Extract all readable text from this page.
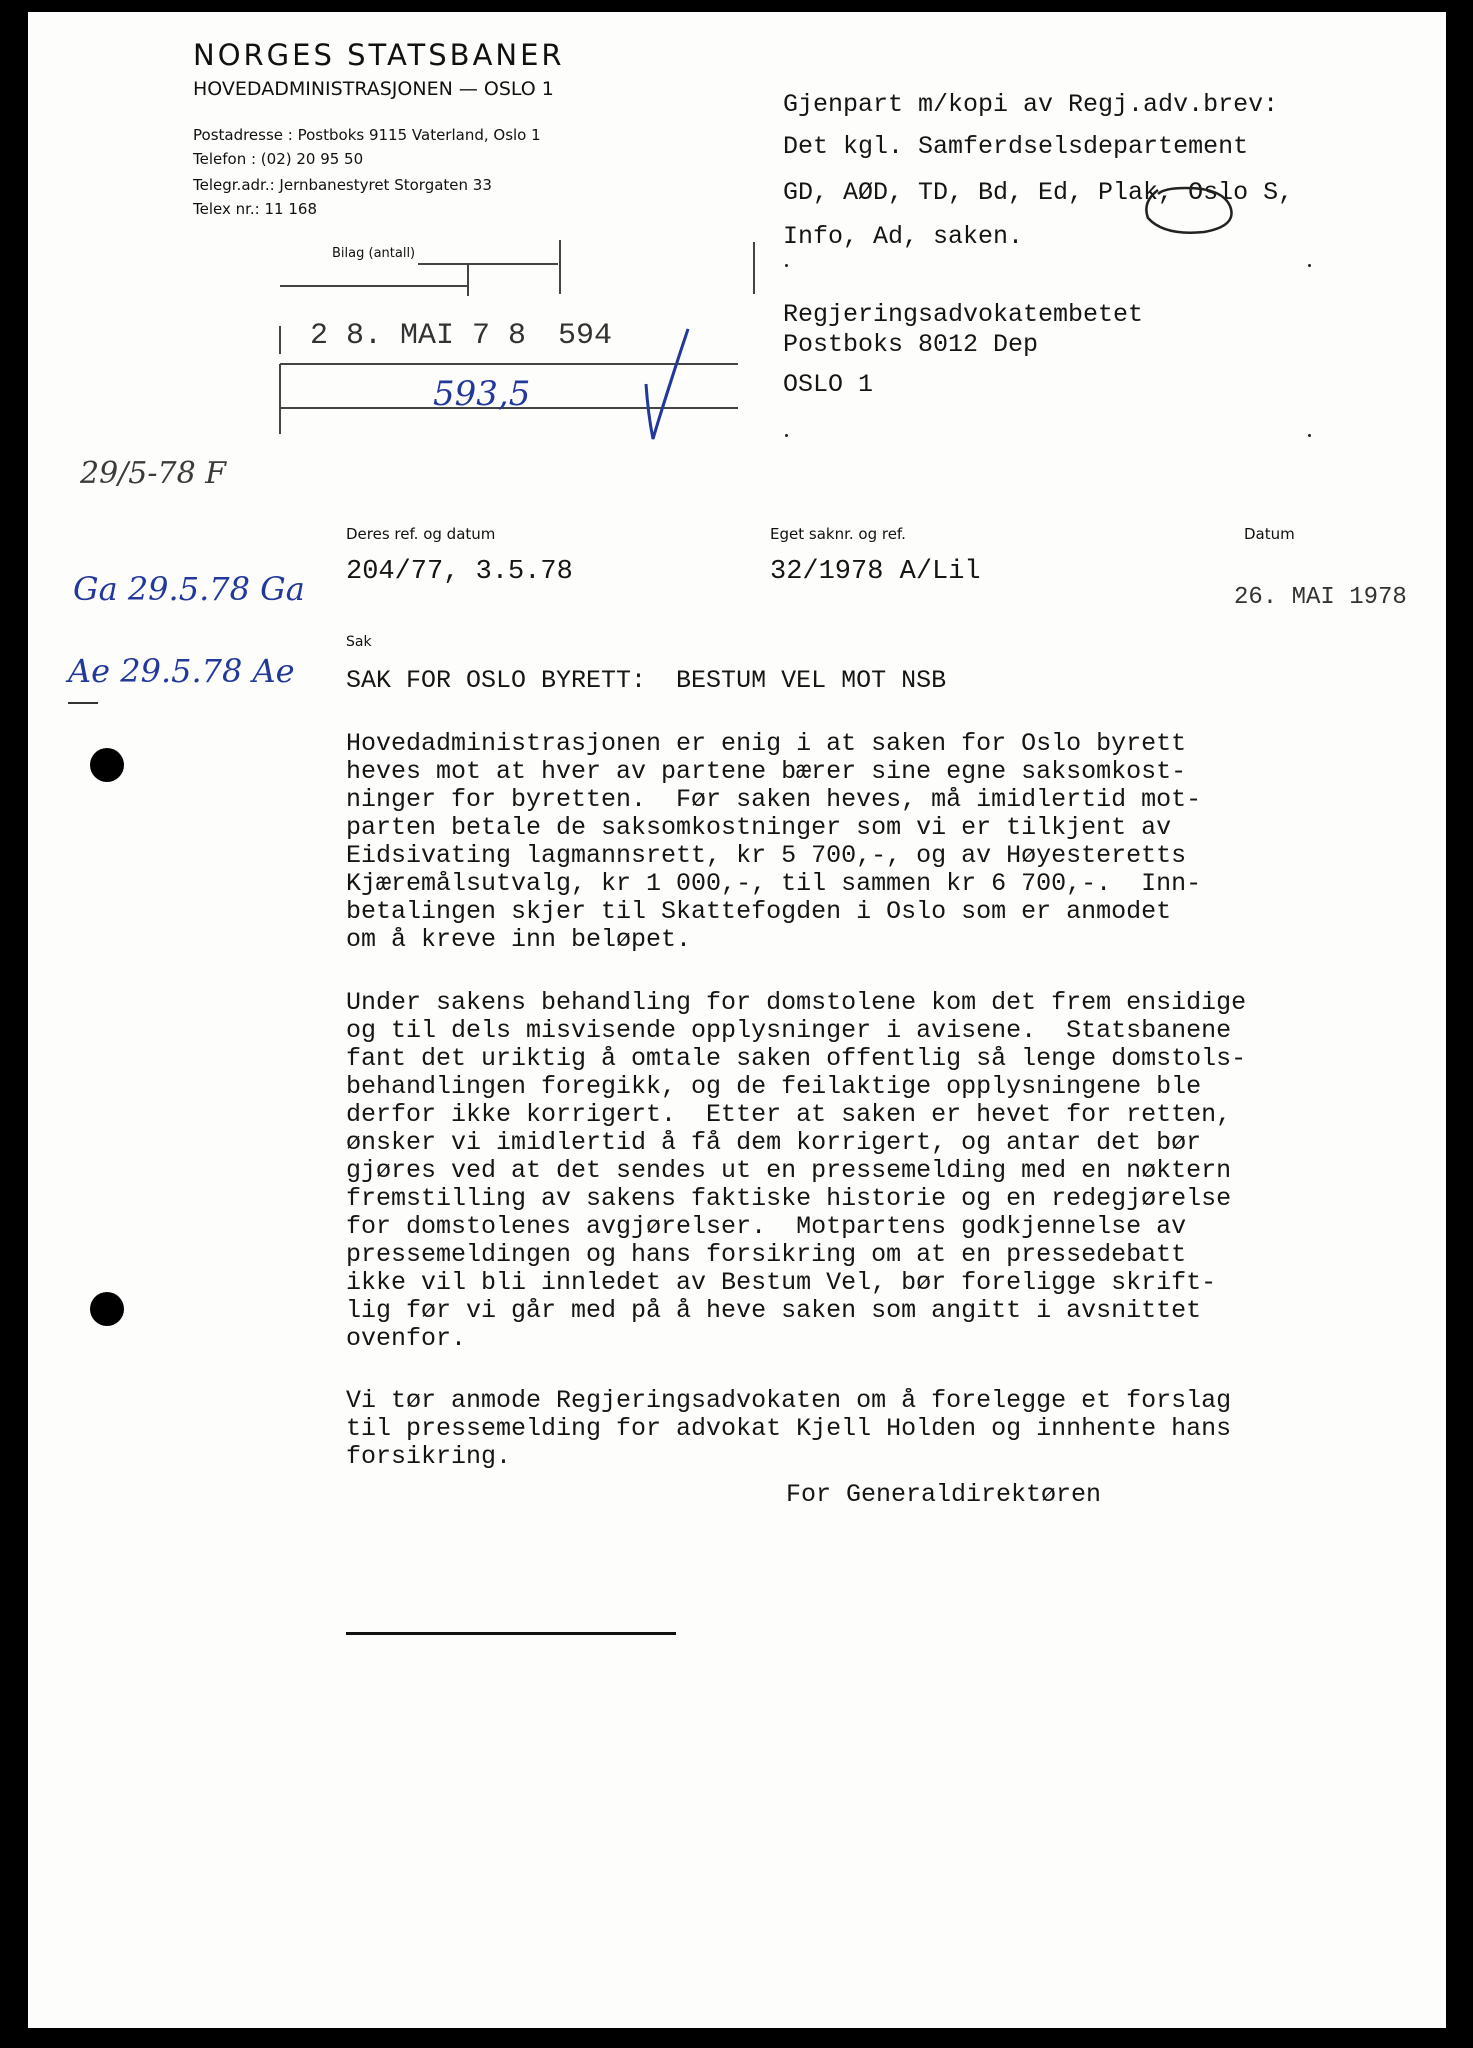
NORGES STATSBANER
HOVEDADMINISTRASJONEN — OSLO 1
Postadresse : Postboks 9115 Vaterland, Oslo 1
Telefon : (02) 20 95 50
Telegr.adr.: Jernbanestyret Storgaten 33
Telex nr.: 11 168
Bilag (antall)
2 8. MAI 7 8 594
593,5
Gjenpart m/kopi av Regj.adv.brev:
Det kgl. Samferdselsdepartement
GD, AØD, TD, Bd, Ed, Plak, Oslo S,
Info, Ad, saken.
Regjeringsadvokatembetet
Postboks 8012 Dep
OSLO 1
29/5-78 F
Ga 29.5.78 Ga
Ae 29.5.78 Ae
Deres ref. og datum
204/77, 3.5.78
Eget saknr. og ref.
32/1978 A/Lil
Datum
26. MAI 1978
Sak
SAK FOR OSLO BYRETT:  BESTUM VEL MOT NSB
Hovedadministrasjonen er enig i at saken for Oslo byrett
heves mot at hver av partene bærer sine egne saksomkost-
ninger for byretten.  Før saken heves, må imidlertid mot-
parten betale de saksomkostninger som vi er tilkjent av
Eidsivating lagmannsrett, kr 5 700,-, og av Høyesteretts
Kjæremålsutvalg, kr 1 000,-, til sammen kr 6 700,-.  Inn-
betalingen skjer til Skattefogden i Oslo som er anmodet
om å kreve inn beløpet.
Under sakens behandling for domstolene kom det frem ensidige
og til dels misvisende opplysninger i avisene.  Statsbanene
fant det uriktig å omtale saken offentlig så lenge domstols-
behandlingen foregikk, og de feilaktige opplysningene ble
derfor ikke korrigert.  Etter at saken er hevet for retten,
ønsker vi imidlertid å få dem korrigert, og antar det bør
gjøres ved at det sendes ut en pressemelding med en nøktern
fremstilling av sakens faktiske historie og en redegjørelse
for domstolenes avgjørelser.  Motpartens godkjennelse av
pressemeldingen og hans forsikring om at en pressedebatt
ikke vil bli innledet av Bestum Vel, bør foreligge skrift-
lig før vi går med på å heve saken som angitt i avsnittet
ovenfor.
Vi tør anmode Regjeringsadvokaten om å forelegge et forslag
til pressemelding for advokat Kjell Holden og innhente hans
forsikring.
For Generaldirektøren
